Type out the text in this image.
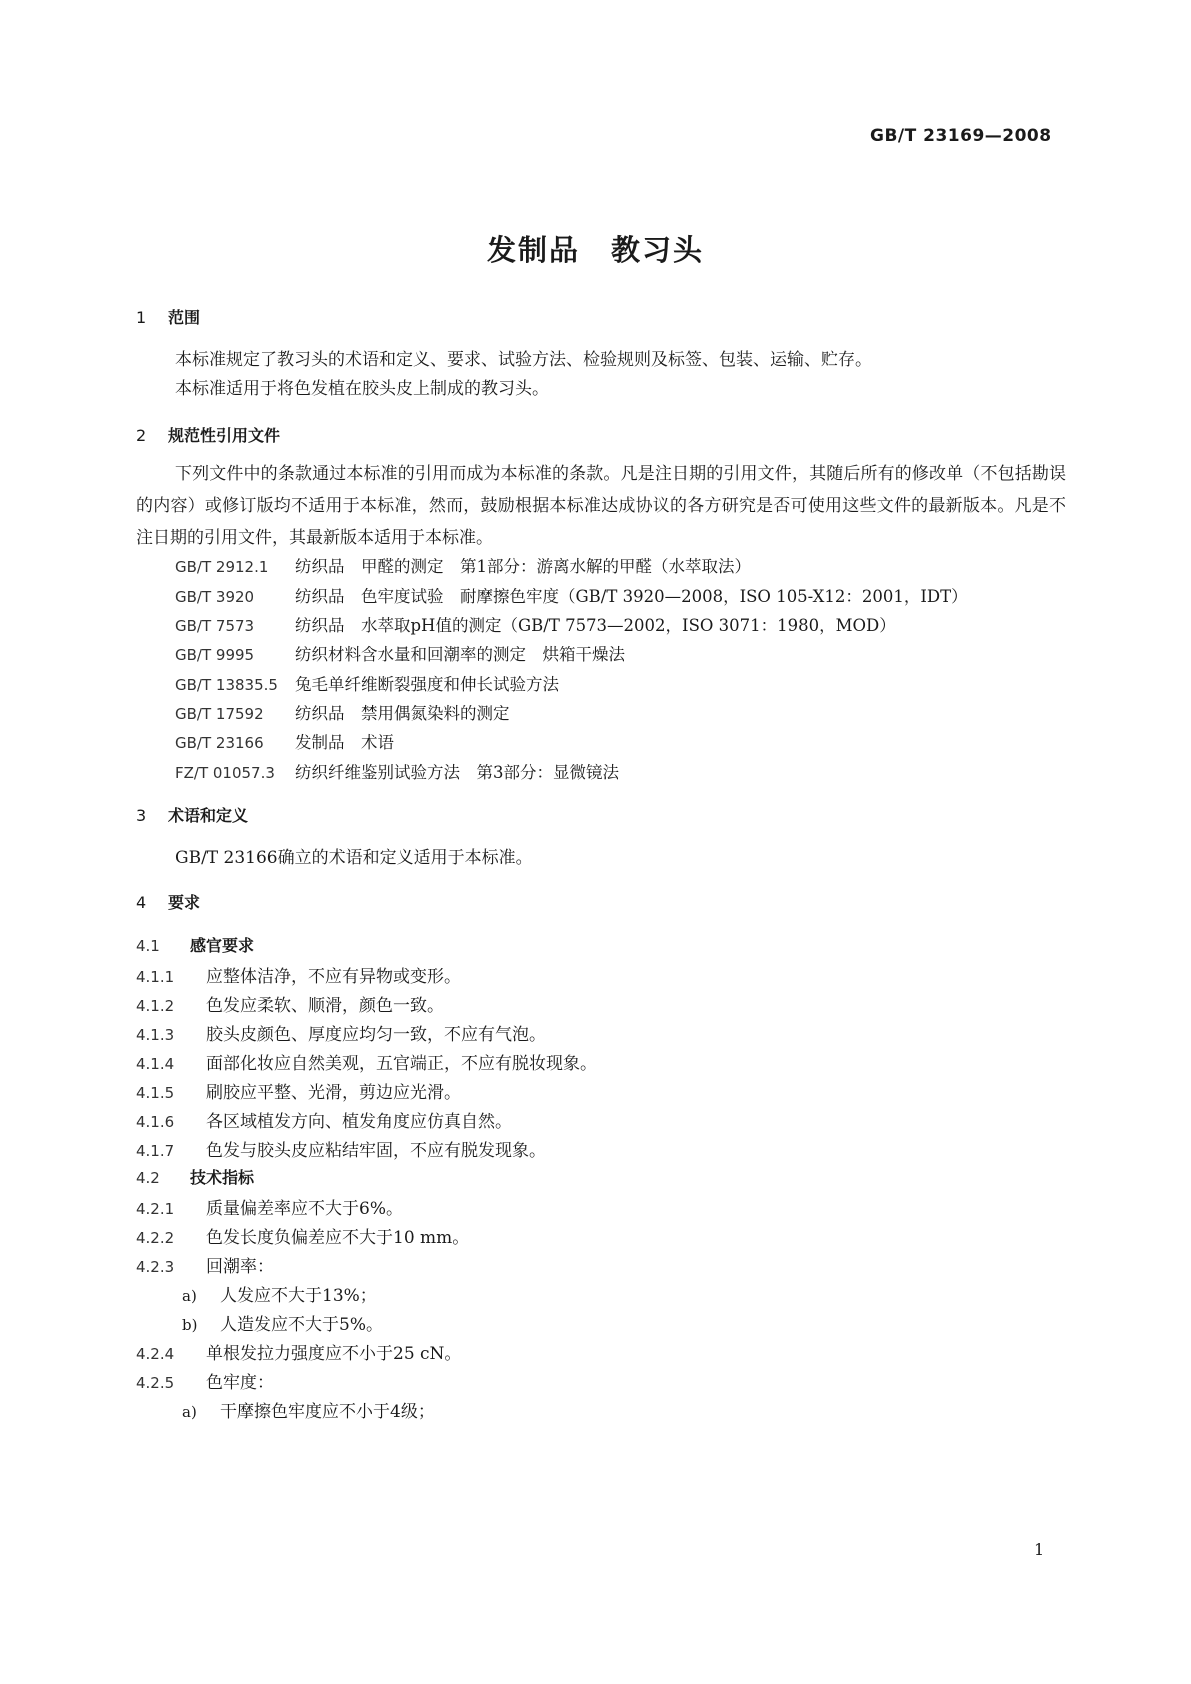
GB/T 23169—2008
发制品　教习头
1 范围
本标准规定了教习头的术语和定义、要求、试验方法、检验规则及标签、包装、运输、贮存。
本标准适用于将色发植在胶头皮上制成的教习头。
2 规范性引用文件
下列文件中的条款通过本标准的引用而成为本标准的条款。凡是注日期的引用文件，其随后所有的修改单（不包括勘误的内容）或修订版均不适用于本标准，然而，鼓励根据本标准达成协议的各方研究是否可使用这些文件的最新版本。凡是不注日期的引用文件，其最新版本适用于本标准。
GB/T 2912.1 纺织品　甲醛的测定　第1部分：游离水解的甲醛（水萃取法）
GB/T 3920 纺织品　色牢度试验　耐摩擦色牢度（GB/T 3920—2008，ISO 105-X12：2001，IDT）
GB/T 7573 纺织品　水萃取pH值的测定（GB/T 7573—2002，ISO 3071：1980，MOD）
GB/T 9995 纺织材料含水量和回潮率的测定　烘箱干燥法
GB/T 13835.5 兔毛单纤维断裂强度和伸长试验方法
GB/T 17592 纺织品　禁用偶氮染料的测定
GB/T 23166 发制品　术语
FZ/T 01057.3 纺织纤维鉴别试验方法　第3部分：显微镜法
3 术语和定义
GB/T 23166确立的术语和定义适用于本标准。
4 要求
4.1 感官要求
4.1.1 应整体洁净，不应有异物或变形。
4.1.2 色发应柔软、顺滑，颜色一致。
4.1.3 胶头皮颜色、厚度应均匀一致，不应有气泡。
4.1.4 面部化妆应自然美观，五官端正，不应有脱妆现象。
4.1.5 刷胶应平整、光滑，剪边应光滑。
4.1.6 各区域植发方向、植发角度应仿真自然。
4.1.7 色发与胶头皮应粘结牢固，不应有脱发现象。
4.2 技术指标
4.2.1 质量偏差率应不大于6%。
4.2.2 色发长度负偏差应不大于10 mm。
4.2.3 回潮率：
a) 人发应不大于13%；
b) 人造发应不大于5%。
4.2.4 单根发拉力强度应不小于25 cN。
4.2.5 色牢度：
a) 干摩擦色牢度应不小于4级；
1
